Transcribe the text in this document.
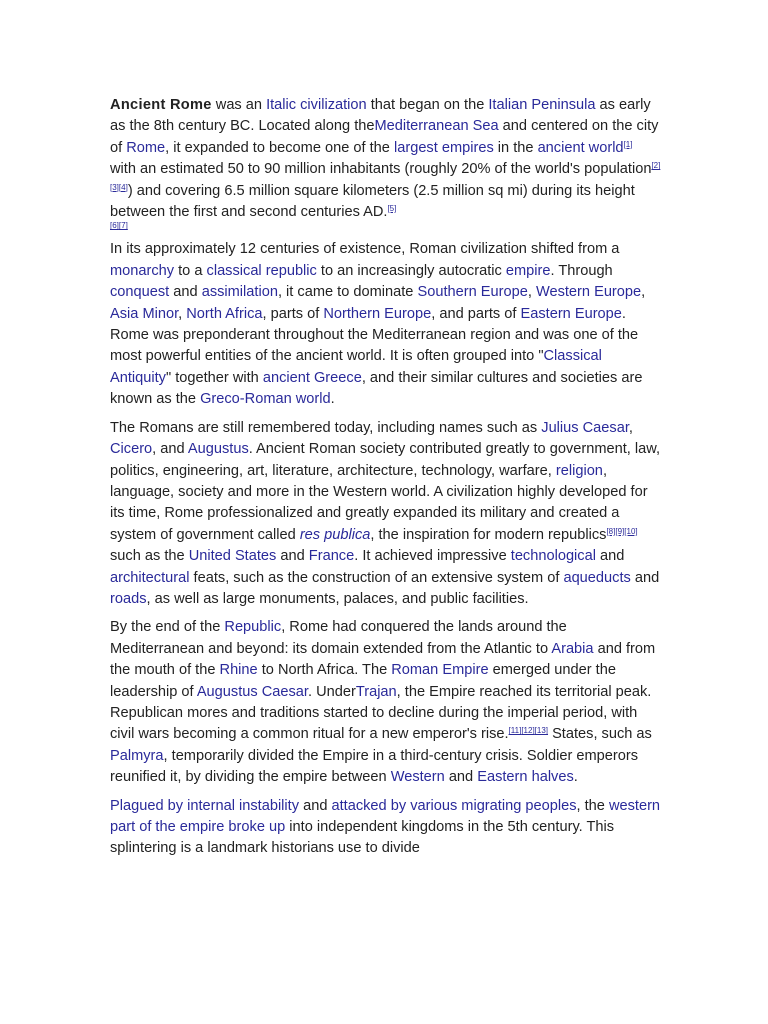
Ancient Rome was an Italic civilization that began on the Italian Peninsula as early as the 8th century BC. Located along theMediterranean Sea and centered on the city of Rome, it expanded to become one of the largest empires in the ancient world[1] with an estimated 50 to 90 million inhabitants (roughly 20% of the world's population[2][3][4]) and covering 6.5 million square kilometers (2.5 million sq mi) during its height between the first and second centuries AD.[5]
[6][7]

In its approximately 12 centuries of existence, Roman civilization shifted from a monarchy to a classical republic to an increasingly autocratic empire. Through conquest and assimilation, it came to dominate Southern Europe, Western Europe, Asia Minor, North Africa, parts of Northern Europe, and parts of Eastern Europe. Rome was preponderant throughout the Mediterranean region and was one of the most powerful entities of the ancient world. It is often grouped into "Classical Antiquity" together with ancient Greece, and their similar cultures and societies are known as the Greco-Roman world.

The Romans are still remembered today, including names such as Julius Caesar, Cicero, and Augustus. Ancient Roman society contributed greatly to government, law, politics, engineering, art, literature, architecture, technology, warfare, religion, language, society and more in the Western world. A civilization highly developed for its time, Rome professionalized and greatly expanded its military and created a system of government called res publica, the inspiration for modern republics[8][9][10] such as the United States and France. It achieved impressive technological and architectural feats, such as the construction of an extensive system of aqueducts and roads, as well as large monuments, palaces, and public facilities.

By the end of the Republic, Rome had conquered the lands around the Mediterranean and beyond: its domain extended from the Atlantic to Arabia and from the mouth of the Rhine to North Africa. The Roman Empire emerged under the leadership of Augustus Caesar. UnderTrajan, the Empire reached its territorial peak. Republican mores and traditions started to decline during the imperial period, with civil wars becoming a common ritual for a new emperor's rise.[11][12][13] States, such as Palmyra, temporarily divided the Empire in a third-century crisis. Soldier emperors reunified it, by dividing the empire between Western and Eastern halves.

Plagued by internal instability and attacked by various migrating peoples, the western part of the empire broke up into independent kingdoms in the 5th century. This splintering is a landmark historians use to divide
